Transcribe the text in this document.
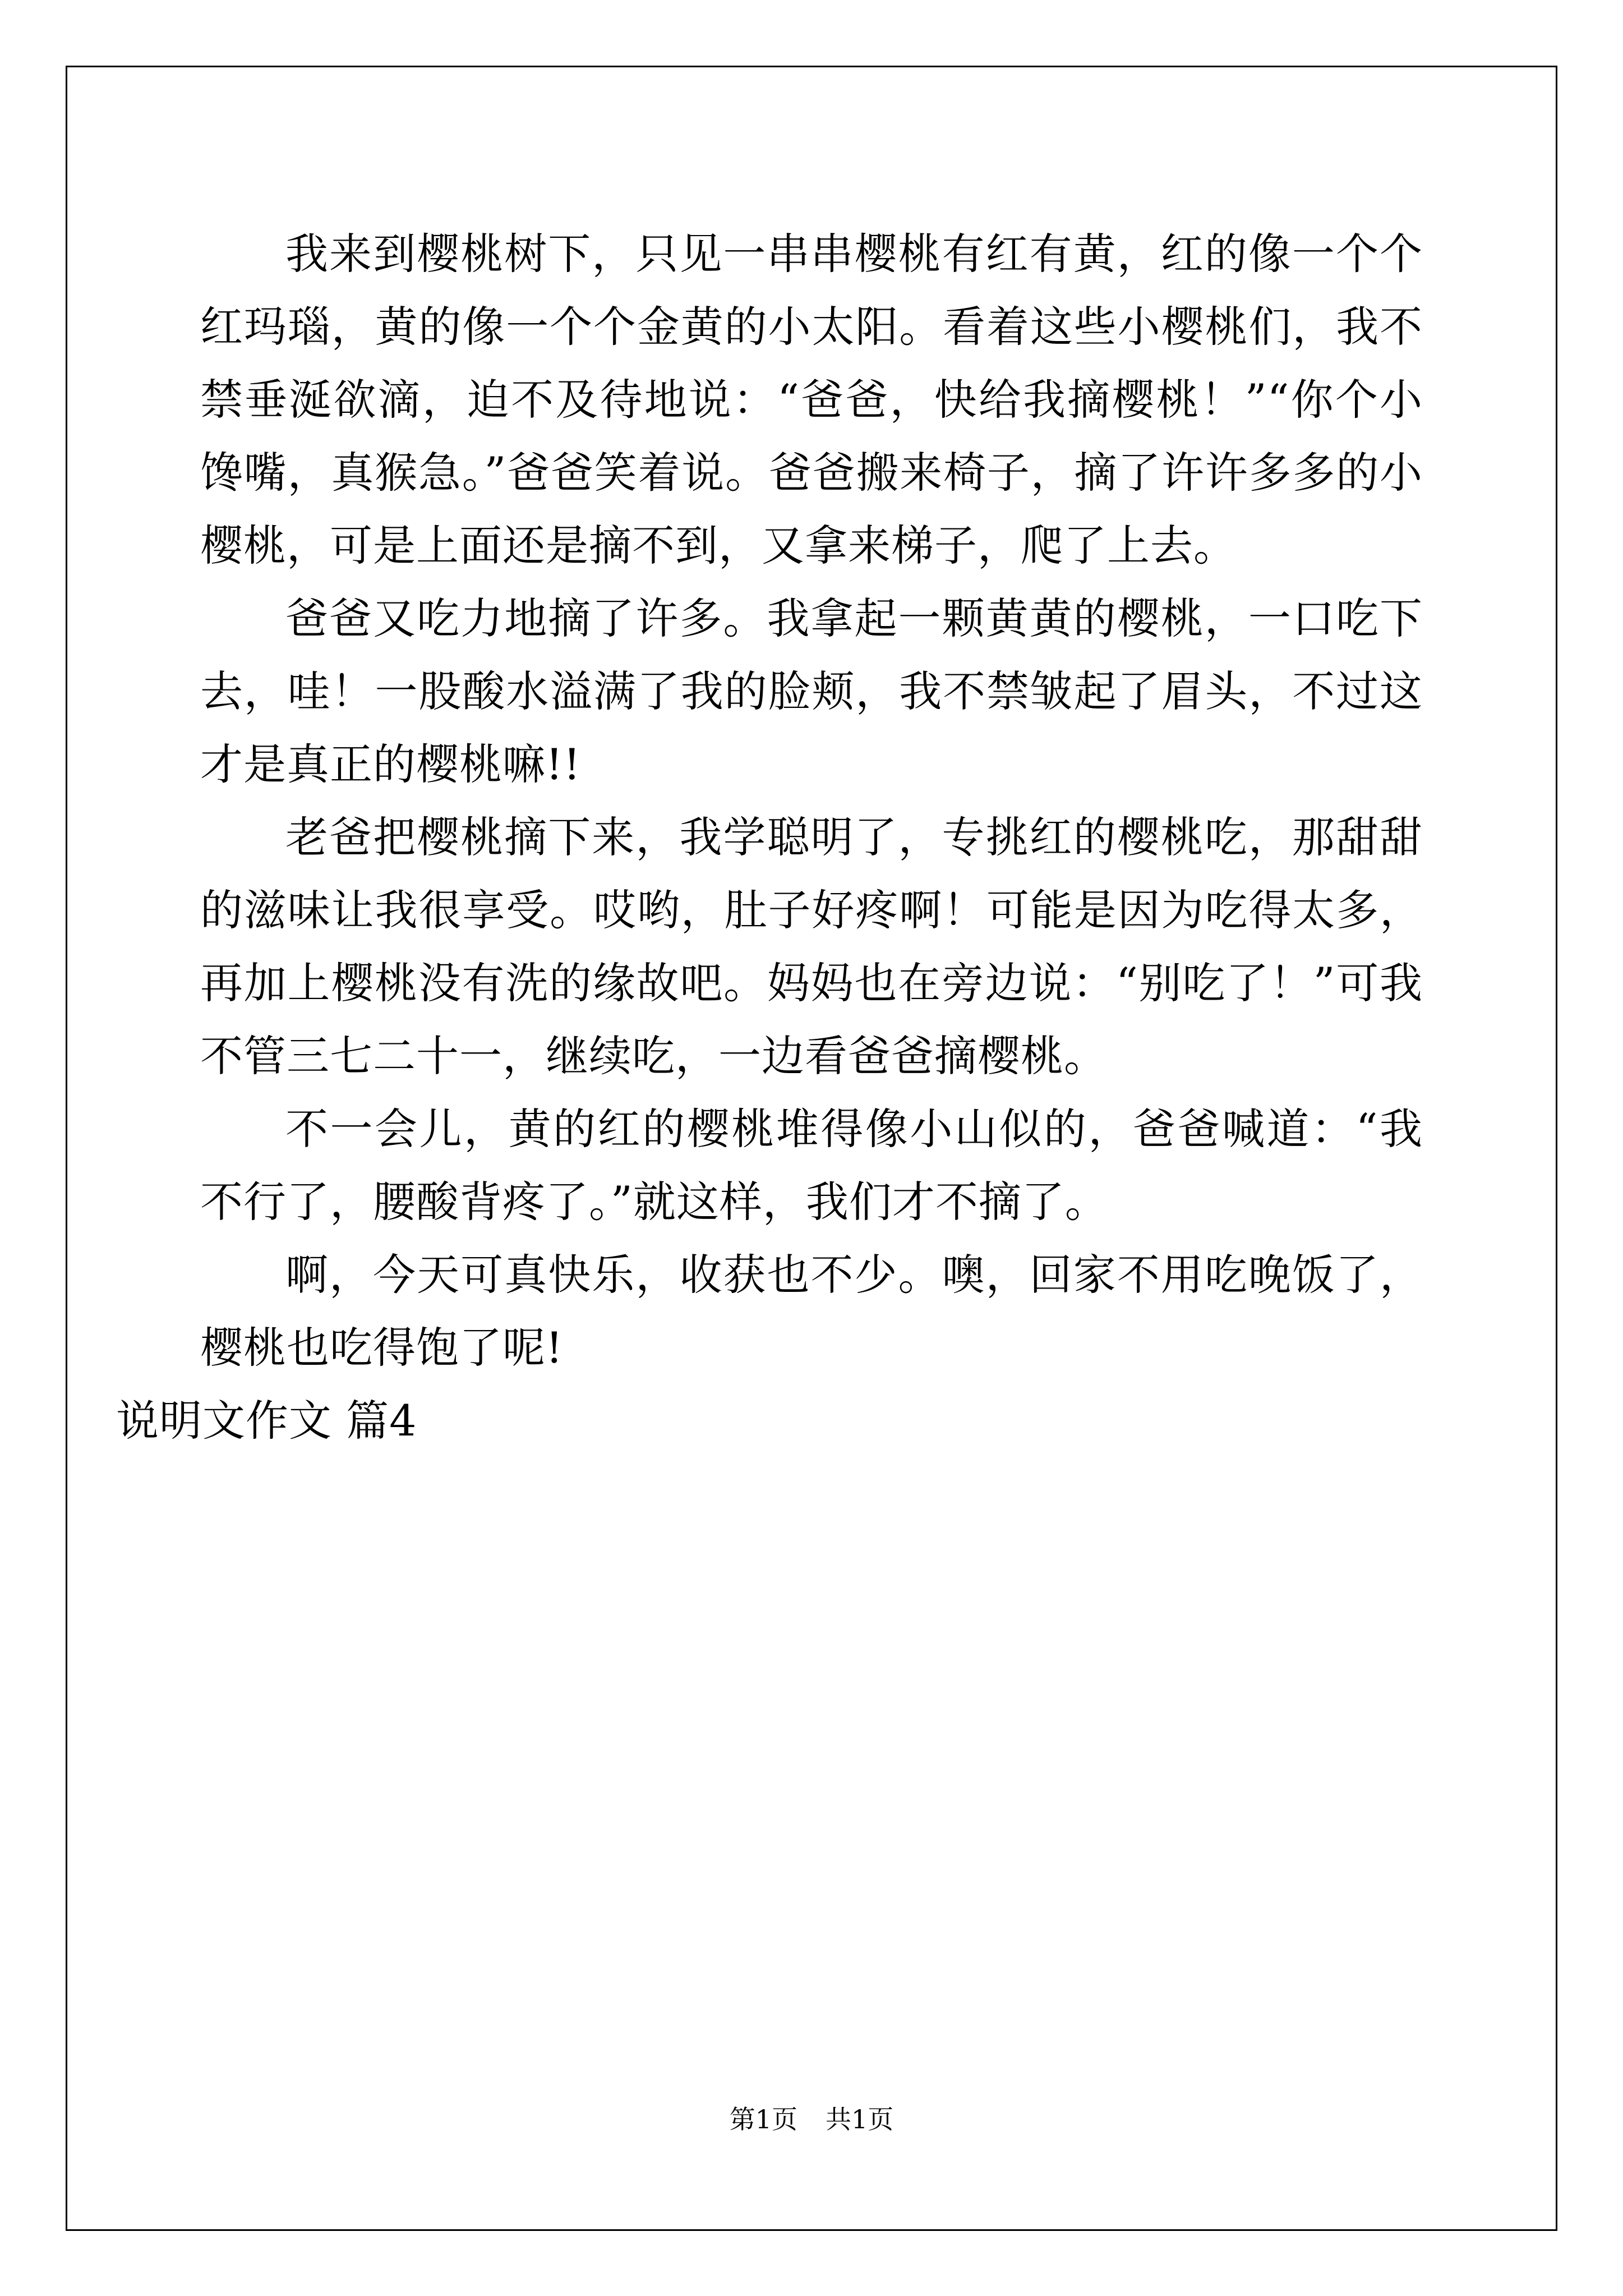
我来到樱桃树下，只见一串串樱桃有红有黄，红的像一个个红玛瑙，黄的像一个个金黄的小太阳。看着这些小樱桃们，我不禁垂涎欲滴，迫不及待地说：“爸爸，快给我摘樱桃！”“你个小馋嘴，真猴急。”爸爸笑着说。爸爸搬来椅子，摘了许许多多的小樱桃，可是上面还是摘不到，又拿来梯子，爬了上去。

爸爸又吃力地摘了许多。我拿起一颗黄黄的樱桃，一口吃下去，哇！一股酸水溢满了我的脸颊，我不禁皱起了眉头，不过这才是真正的樱桃嘛!!

老爸把樱桃摘下来，我学聪明了，专挑红的樱桃吃，那甜甜的滋味让我很享受。哎哟，肚子好疼啊！可能是因为吃得太多，再加上樱桃没有洗的缘故吧。妈妈也在旁边说：“别吃了！”可我不管三七二十一，继续吃，一边看爸爸摘樱桃。

不一会儿，黄的红的樱桃堆得像小山似的，爸爸喊道：“我不行了，腰酸背疼了。”就这样，我们才不摘了。

啊，今天可真快乐，收获也不少。噢，回家不用吃晚饭了，樱桃也吃得饱了呢!

说明文作文 篇4

第1页 共1页
